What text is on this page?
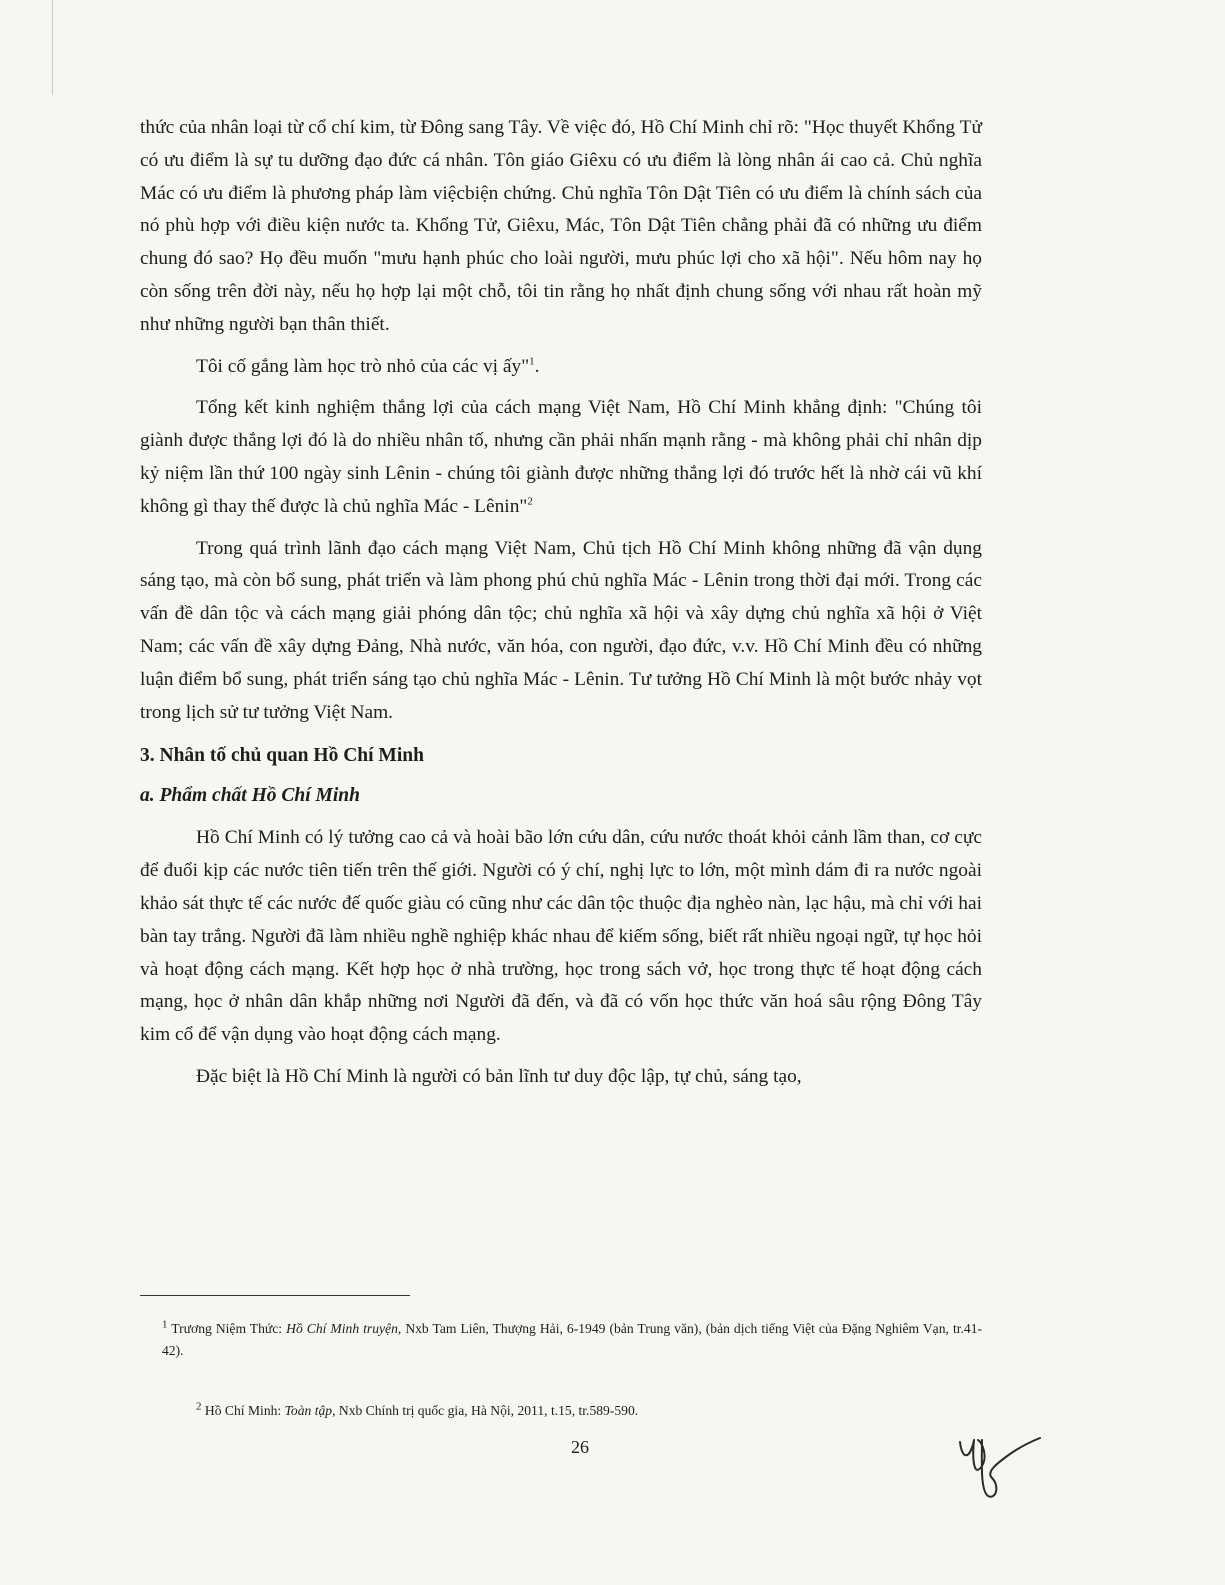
thức của nhân loại từ cổ chí kim, từ Đông sang Tây. Về việc đó, Hồ Chí Minh chỉ rõ: "Học thuyết Khổng Tử có ưu điểm là sự tu dưỡng đạo đức cá nhân. Tôn giáo Giêxu có ưu điểm là lòng nhân ái cao cả. Chủ nghĩa Mác có ưu điểm là phương pháp làm việcbiện chứng. Chủ nghĩa Tôn Dật Tiên có ưu điểm là chính sách của nó phù hợp với điều kiện nước ta. Khổng Tử, Giêxu, Mác, Tôn Dật Tiên chẳng phải đã có những ưu điểm chung đó sao? Họ đều muốn "mưu hạnh phúc cho loài người, mưu phúc lợi cho xã hội". Nếu hôm nay họ còn sống trên đời này, nếu họ hợp lại một chỗ, tôi tin rằng họ nhất định chung sống với nhau rất hoàn mỹ như những người bạn thân thiết.

Tôi cố gắng làm học trò nhỏ của các vị ấy"$^1$.

Tổng kết kinh nghiệm thắng lợi của cách mạng Việt Nam, Hồ Chí Minh khẳng định: "Chúng tôi giành được thắng lợi đó là do nhiều nhân tố, nhưng cần phải nhấn mạnh rằng - mà không phải chỉ nhân dịp kỷ niệm lần thứ 100 ngày sinh Lênin - chúng tôi giành được những thắng lợi đó trước hết là nhờ cái vũ khí không gì thay thế được là chủ nghĩa Mác - Lênin"$^2$

Trong quá trình lãnh đạo cách mạng Việt Nam, Chủ tịch Hồ Chí Minh không những đã vận dụng sáng tạo, mà còn bổ sung, phát triển và làm phong phú chủ nghĩa Mác - Lênin trong thời đại mới. Trong các vấn đề dân tộc và cách mạng giải phóng dân tộc; chủ nghĩa xã hội và xây dựng chủ nghĩa xã hội ở Việt Nam; các vấn đề xây dựng Đảng, Nhà nước, văn hóa, con người, đạo đức, v.v. Hồ Chí Minh đều có những luận điểm bổ sung, phát triển sáng tạo chủ nghĩa Mác - Lênin. Tư tưởng Hồ Chí Minh là một bước nhảy vọt trong lịch sử tư tưởng Việt Nam.

3. Nhân tố chủ quan Hồ Chí Minh
a. Phẩm chất Hồ Chí Minh

Hồ Chí Minh có lý tưởng cao cả và hoài bão lớn cứu dân, cứu nước thoát khỏi cảnh lầm than, cơ cực để đuổi kịp các nước tiên tiến trên thế giới. Người có ý chí, nghị lực to lớn, một mình dám đi ra nước ngoài khảo sát thực tế các nước đế quốc giàu có cũng như các dân tộc thuộc địa nghèo nàn, lạc hậu, mà chỉ với hai bàn tay trắng. Người đã làm nhiều nghề nghiệp khác nhau để kiếm sống, biết rất nhiều ngoại ngữ, tự học hỏi và hoạt động cách mạng. Kết hợp học ở nhà trường, học trong sách vở, học trong thực tế hoạt động cách mạng, học ở nhân dân khắp những nơi Người đã đến, và đã có vốn học thức văn hoá sâu rộng Đông Tây kim cổ để vận dụng vào hoạt động cách mạng.

Đặc biệt là Hồ Chí Minh là người có bản lĩnh tư duy độc lập, tự chủ, sáng tạo,

$^1$ Trương Niệm Thức: Hồ Chí Minh truyện, Nxb Tam Liên, Thượng Hải, 6-1949 (bản Trung văn), (bản dịch tiếng Việt của Đặng Nghiêm Vạn, tr.41-42).
$^2$ Hồ Chí Minh: Toàn tập, Nxb Chính trị quốc gia, Hà Nội, 2011, t.15, tr.589-590.
26
